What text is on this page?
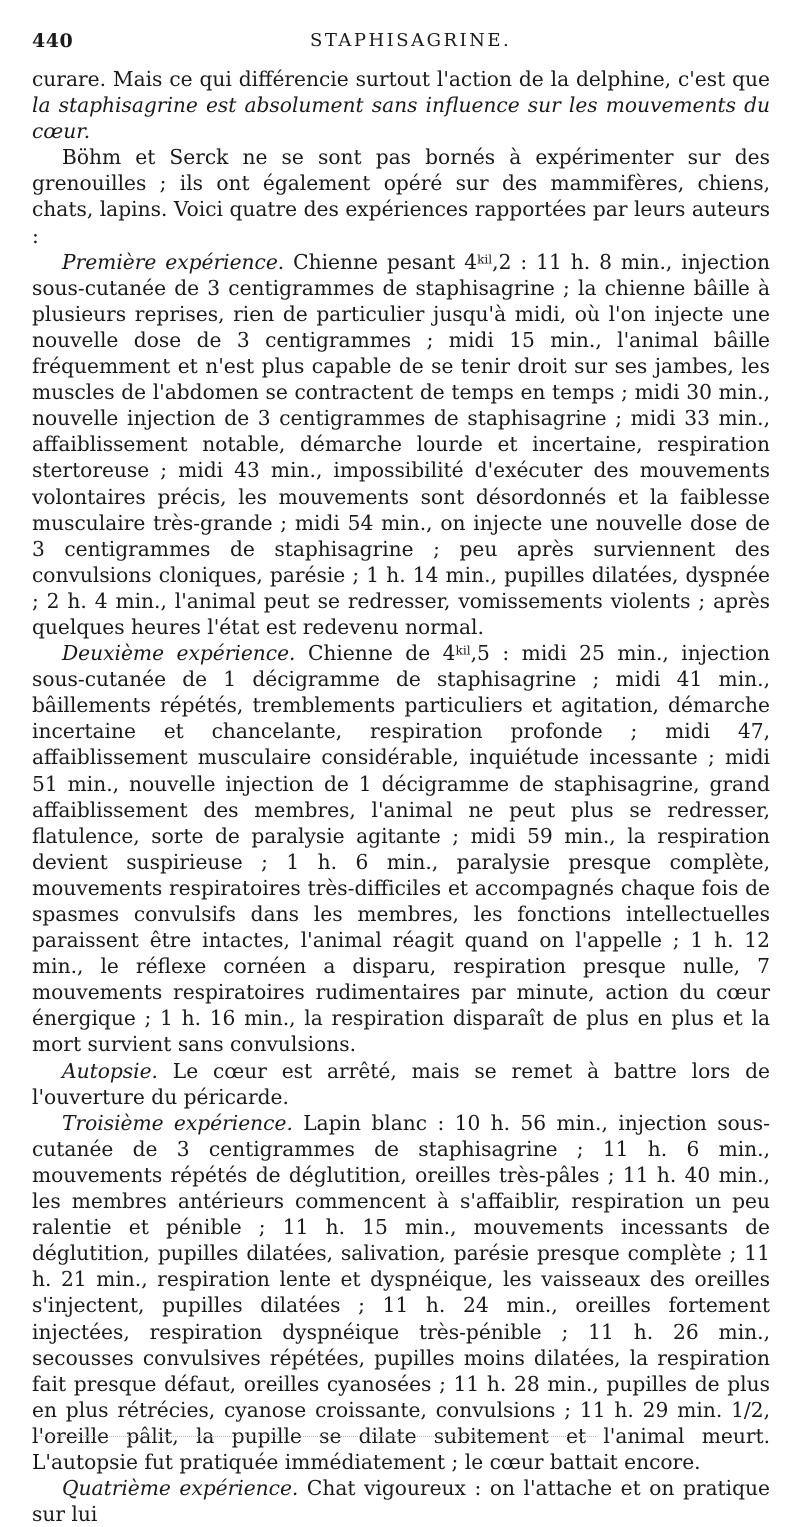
440	STAPHISAGRINE.

curare. Mais ce qui différencie surtout l'action de la delphine, c'est que la staphisagrine est absolument sans influence sur les mouvements du cœur.

Böhm et Serck ne se sont pas bornés à expérimenter sur des grenouilles ; ils ont également opéré sur des mammifères, chiens, chats, lapins. Voici quatre des expériences rapportées par leurs auteurs :

Première expérience. Chienne pesant $4^{kil},2$ : 11 h. 8 min., injection sous-cutanée de 3 centigrammes de staphisagrine ; la chienne bâille à plusieurs reprises, rien de particulier jusqu'à midi, où l'on injecte une nouvelle dose de 3 centigrammes ; midi 15 min., l'animal bâille fréquemment et n'est plus capable de se tenir droit sur ses jambes, les muscles de l'abdomen se contractent de temps en temps ; midi 30 min., nouvelle injection de 3 centigrammes de staphisagrine ; midi 33 min., affaiblissement notable, démarche lourde et incertaine, respiration stertoreuse ; midi 43 min., impossibilité d'exécuter des mouvements volontaires précis, les mouvements sont désordonnés et la faiblesse musculaire très-grande ; midi 54 min., on injecte une nouvelle dose de 3 centigrammes de staphisagrine ; peu après surviennent des convulsions cloniques, parésie ; 1 h. 14 min., pupilles dilatées, dyspnée ; 2 h. 4 min., l'animal peut se redresser, vomissements violents ; après quelques heures l'état est redevenu normal.

Deuxième expérience. Chienne de $4^{kil},5$ : midi 25 min., injection sous-cutanée de 1 décigramme de staphisagrine ; midi 41 min., bâillements répétés, tremblements particuliers et agitation, démarche incertaine et chancelante, respiration profonde ; midi 47, affaiblissement musculaire considérable, inquiétude incessante ; midi 51 min., nouvelle injection de 1 décigramme de staphisagrine, grand affaiblissement des membres, l'animal ne peut plus se redresser, flatulence, sorte de paralysie agitante ; midi 59 min., la respiration devient suspirieuse ; 1 h. 6 min., paralysie presque complète, mouvements respiratoires très-difficiles et accompagnés chaque fois de spasmes convulsifs dans les membres, les fonctions intellectuelles paraissent être intactes, l'animal réagit quand on l'appelle ; 1 h. 12 min., le réflexe cornéen a disparu, respiration presque nulle, 7 mouvements respiratoires rudimentaires par minute, action du cœur énergique ; 1 h. 16 min., la respiration disparaît de plus en plus et la mort survient sans convulsions.

Autopsie. Le cœur est arrêté, mais se remet à battre lors de l'ouverture du péricarde.

Troisième expérience. Lapin blanc : 10 h. 56 min., injection sous-cutanée de 3 centigrammes de staphisagrine ; 11 h. 6 min., mouvements répétés de déglutition, oreilles très-pâles ; 11 h. 40 min., les membres antérieurs commencent à s'affaiblir, respiration un peu ralentie et pénible ; 11 h. 15 min., mouvements incessants de déglutition, pupilles dilatées, salivation, parésie presque complète ; 11 h. 21 min., respiration lente et dyspnéique, les vaisseaux des oreilles s'injectent, pupilles dilatées ; 11 h. 24 min., oreilles fortement injectées, respiration dyspnéique très-pénible ; 11 h. 26 min., secousses convulsives répétées, pupilles moins dilatées, la respiration fait presque défaut, oreilles cyanosées ; 11 h. 28 min., pupilles de plus en plus rétrécies, cyanose croissante, convulsions ; 11 h. 29 min. 1/2, l'oreille pâlit, la pupille se dilate subitement et l'animal meurt. L'autopsie fut pratiquée immédiatement ; le cœur battait encore.

Quatrième expérience. Chat vigoureux : on l'attache et on pratique sur lui
